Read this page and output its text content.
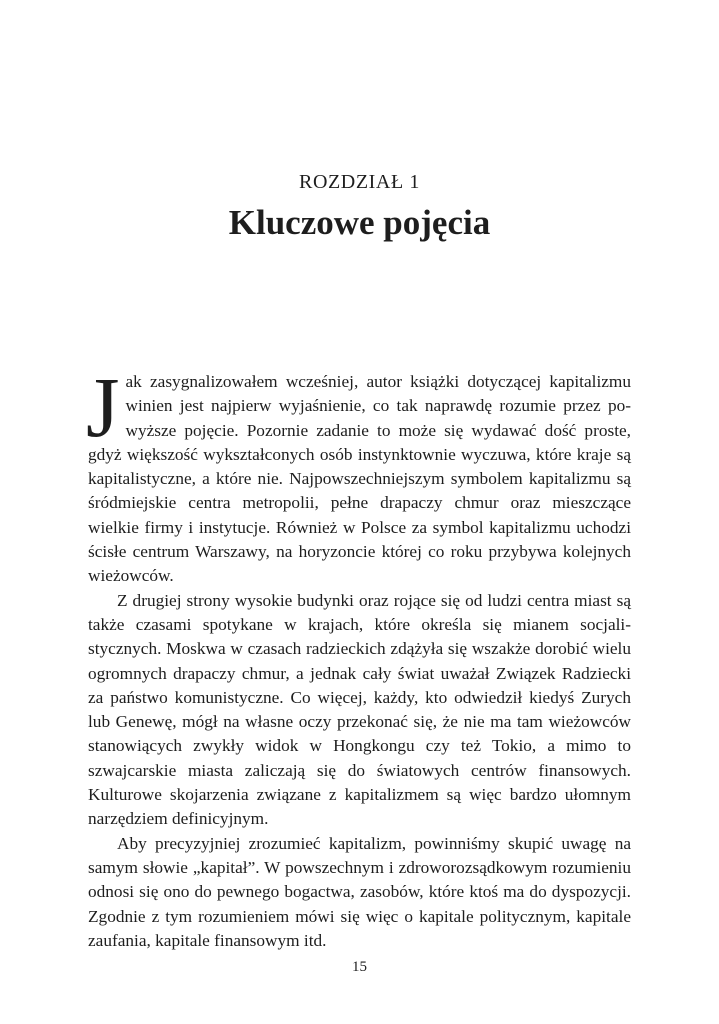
ROZDZIAŁ 1
Kluczowe pojęcia

Jak zasygnalizowałem wcześniej, autor książki dotyczącej kapitalizmu winien jest najpierw wyjaśnienie, co tak naprawdę rozumie przez powyższe pojęcie. Pozornie zadanie to może się wydawać dość proste, gdyż większość wykształconych osób instynktownie wyczuwa, które kraje są kapitalistyczne, a które nie. Najpowszechniejszym symbolem kapitalizmu są śródmiejskie centra metropolii, pełne drapaczy chmur oraz mieszczące wielkie firmy i instytucje. Również w Polsce za symbol kapitalizmu uchodzi ścisłe centrum Warszawy, na horyzoncie której co roku przybywa kolejnych wieżowców.

Z drugiej strony wysokie budynki oraz rojące się od ludzi centra miast są także czasami spotykane w krajach, które określa się mianem socjalistycznych. Moskwa w czasach radzieckich zdążyła się wszakże dorobić wielu ogromnych drapaczy chmur, a jednak cały świat uważał Związek Radziecki za państwo komunistyczne. Co więcej, każdy, kto odwiedził kiedyś Zurych lub Genewę, mógł na własne oczy przekonać się, że nie ma tam wieżowców stanowiących zwykły widok w Hongkongu czy też Tokio, a mimo to szwajcarskie miasta zaliczają się do światowych centrów finansowych. Kulturowe skojarzenia związane z kapitalizmem są więc bardzo ułomnym narzędziem definicyjnym.

Aby precyzyjniej zrozumieć kapitalizm, powinniśmy skupić uwagę na samym słowie „kapitał”. W powszechnym i zdroworozsądkowym rozumieniu odnosi się ono do pewnego bogactwa, zasobów, które ktoś ma do dyspozycji. Zgodnie z tym rozumieniem mówi się więc o kapitale politycznym, kapitale zaufania, kapitale finansowym itd.

15
